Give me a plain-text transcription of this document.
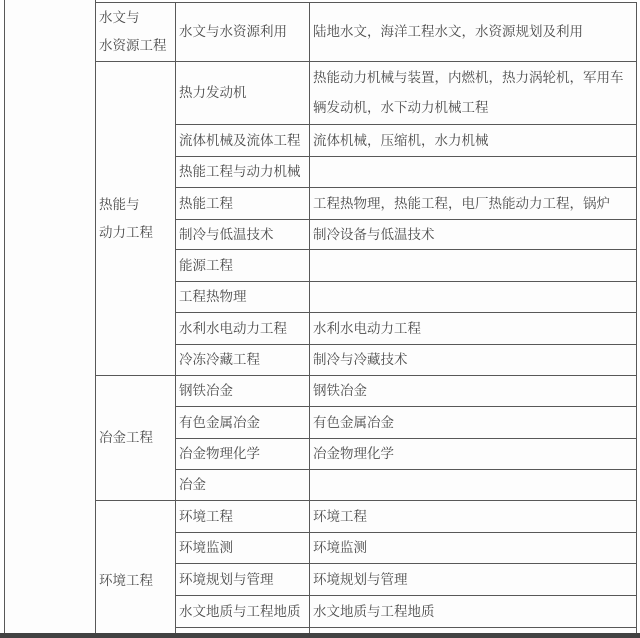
水文与
水资源工程
热能与
动力工程
冶金工程
环境工程
水文与水资源利用
热力发动机
流体机械及流体工程
热能工程与动力机械
热能工程
制冷与低温技术
能源工程
工程热物理
水利水电动力工程
冷冻冷藏工程
钢铁冶金
有色金属冶金
冶金物理化学
冶金
环境工程
环境监测
环境规划与管理
水文地质与工程地质
陆地水文，海洋工程水文，水资源规划及利用
热能动力机械与装置，内燃机，热力涡轮机，军用车辆发动机，水下动力机械工程
流体机械，压缩机，水力机械
工程热物理，热能工程，电厂热能动力工程，锅炉
制冷设备与低温技术
水利水电动力工程
制冷与冷藏技术
钢铁冶金
有色金属冶金
冶金物理化学
环境工程
环境监测
环境规划与管理
水文地质与工程地质
